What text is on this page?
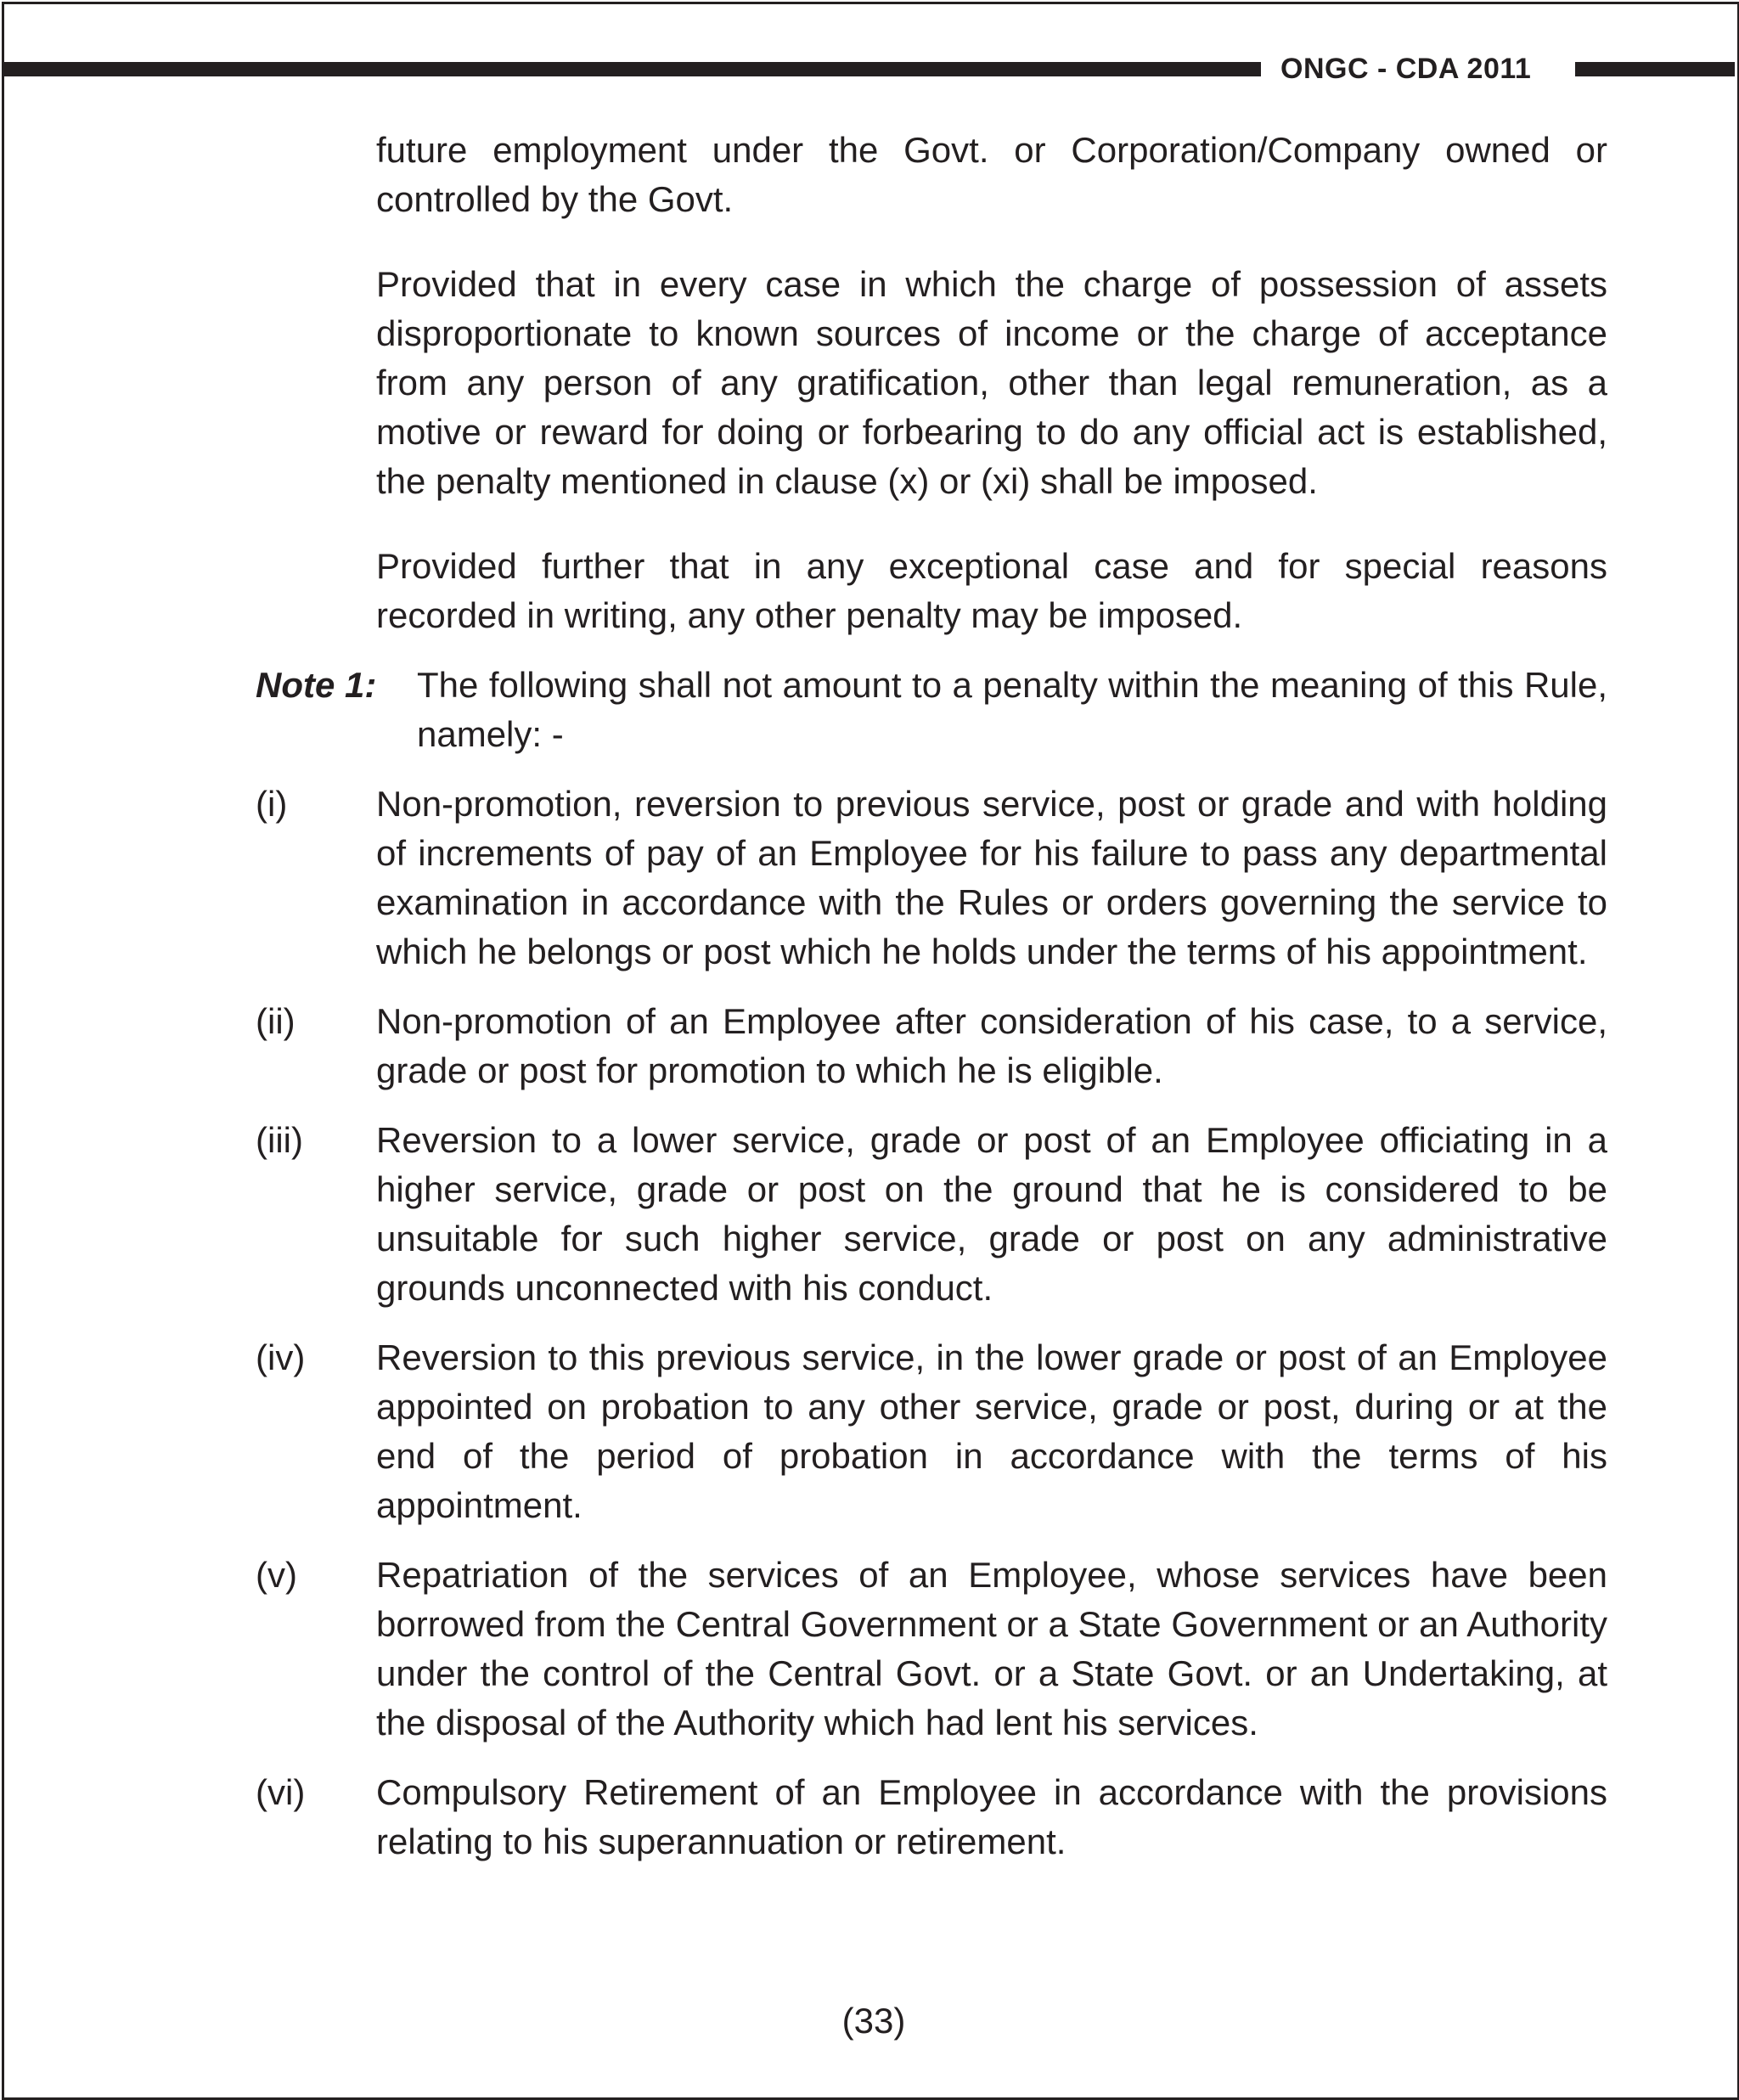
ONGC - CDA 2011

future employment under the Govt. or Corporation/Company owned or controlled by the Govt.

Provided that in every case in which the charge of possession of assets disproportionate to known sources of income or the charge of acceptance from any person of any gratification, other than legal remuneration, as a motive or reward for doing or forbearing to do any official act is established, the penalty mentioned in clause (x) or (xi) shall be imposed.

Provided further that in any exceptional case and for special reasons recorded in writing, any other penalty may be imposed.

Note 1: The following shall not amount to a penalty within the meaning of this Rule, namely: -
(i)	Non-promotion, reversion to previous service, post or grade and with holding of increments of pay of an Employee for his failure to pass any departmental examination in accordance with the Rules or orders governing the service to which he belongs or post which he holds under the terms of his appointment.
(ii)	Non-promotion of an Employee after consideration of his case, to a service, grade or post for promotion to which he is eligible.
(iii)	Reversion to a lower service, grade or post of an Employee officiating in a higher service, grade or post on the ground that he is considered to be unsuitable for such higher service, grade or post on any administrative grounds unconnected with his conduct.
(iv)	Reversion to this previous service, in the lower grade or post of an Employee appointed on probation to any other service, grade or post, during or at the end of the period of probation in accordance with the terms of his appointment.
(v)	Repatriation of the services of an Employee, whose services have been borrowed from the Central Government or a State Government or an Authority under the control of the Central Govt. or a State Govt. or an Undertaking, at the disposal of the Authority which had lent his services.
(vi)	Compulsory Retirement of an Employee in accordance with the provisions relating to his superannuation or retirement.
(33)
